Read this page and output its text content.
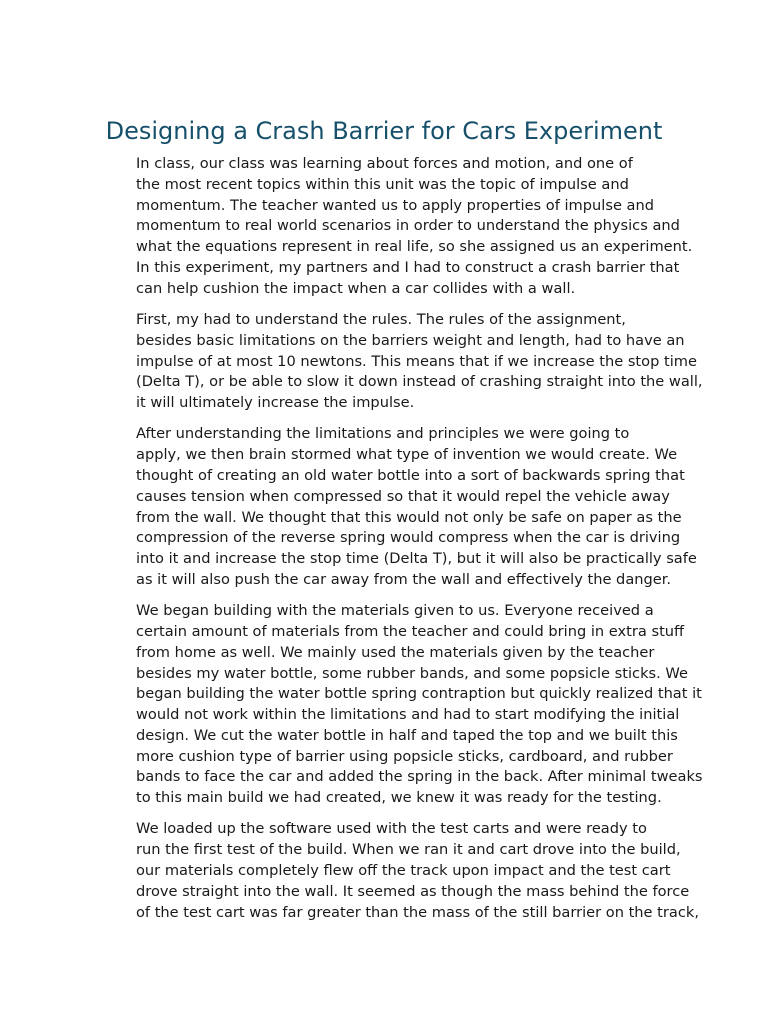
Designing a Crash Barrier for Cars Experiment

In class, our class was learning about forces and motion, and one of
the most recent topics within this unit was the topic of impulse and
momentum. The teacher wanted us to apply properties of impulse and
momentum to real world scenarios in order to understand the physics and
what the equations represent in real life, so she assigned us an experiment.
In this experiment, my partners and I had to construct a crash barrier that
can help cushion the impact when a car collides with a wall.

First, my had to understand the rules. The rules of the assignment,
besides basic limitations on the barriers weight and length, had to have an
impulse of at most 10 newtons. This means that if we increase the stop time
(Delta T), or be able to slow it down instead of crashing straight into the wall,
it will ultimately increase the impulse.

After understanding the limitations and principles we were going to
apply, we then brain stormed what type of invention we would create. We
thought of creating an old water bottle into a sort of backwards spring that
causes tension when compressed so that it would repel the vehicle away
from the wall. We thought that this would not only be safe on paper as the
compression of the reverse spring would compress when the car is driving
into it and increase the stop time (Delta T), but it will also be practically safe
as it will also push the car away from the wall and effectively the danger.

We began building with the materials given to us. Everyone received a
certain amount of materials from the teacher and could bring in extra stuff
from home as well. We mainly used the materials given by the teacher
besides my water bottle, some rubber bands, and some popsicle sticks. We
began building the water bottle spring contraption but quickly realized that it
would not work within the limitations and had to start modifying the initial
design. We cut the water bottle in half and taped the top and we built this
more cushion type of barrier using popsicle sticks, cardboard, and rubber
bands to face the car and added the spring in the back. After minimal tweaks
to this main build we had created, we knew it was ready for the testing.

We loaded up the software used with the test carts and were ready to
run the first test of the build. When we ran it and cart drove into the build,
our materials completely flew off the track upon impact and the test cart
drove straight into the wall. It seemed as though the mass behind the force
of the test cart was far greater than the mass of the still barrier on the track,
